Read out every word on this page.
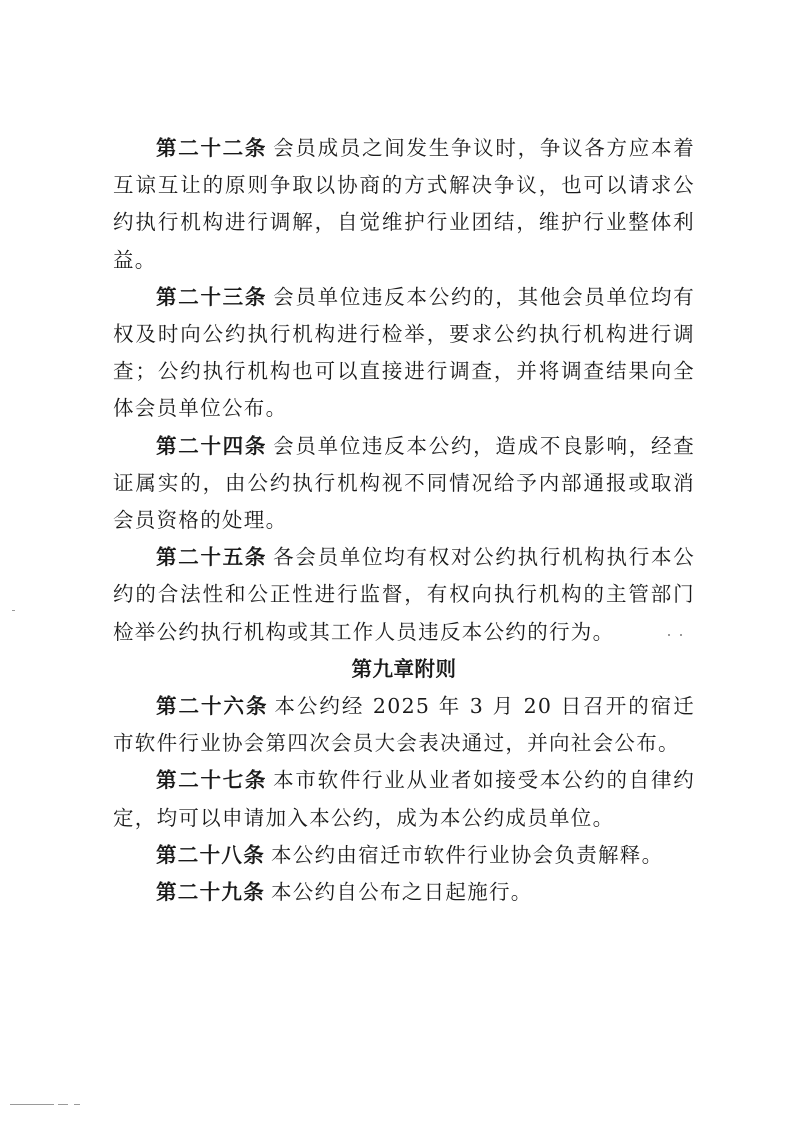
第二十二条 会员成员之间发生争议时，争议各方应本着互谅互让的原则争取以协商的方式解决争议，也可以请求公约执行机构进行调解，自觉维护行业团结，维护行业整体利益。

第二十三条 会员单位违反本公约的，其他会员单位均有权及时向公约执行机构进行检举，要求公约执行机构进行调查；公约执行机构也可以直接进行调查，并将调查结果向全体会员单位公布。

第二十四条 会员单位违反本公约，造成不良影响，经查证属实的，由公约执行机构视不同情况给予内部通报或取消会员资格的处理。

第二十五条 各会员单位均有权对公约执行机构执行本公约的合法性和公正性进行监督，有权向执行机构的主管部门检举公约执行机构或其工作人员违反本公约的行为。

第九章附则

第二十六条 本公约经 2025 年 3 月 20 日召开的宿迁市软件行业协会第四次会员大会表决通过，并向社会公布。

第二十七条 本市软件行业从业者如接受本公约的自律约定，均可以申请加入本公约，成为本公约成员单位。

第二十八条 本公约由宿迁市软件行业协会负责解释。

第二十九条 本公约自公布之日起施行。
